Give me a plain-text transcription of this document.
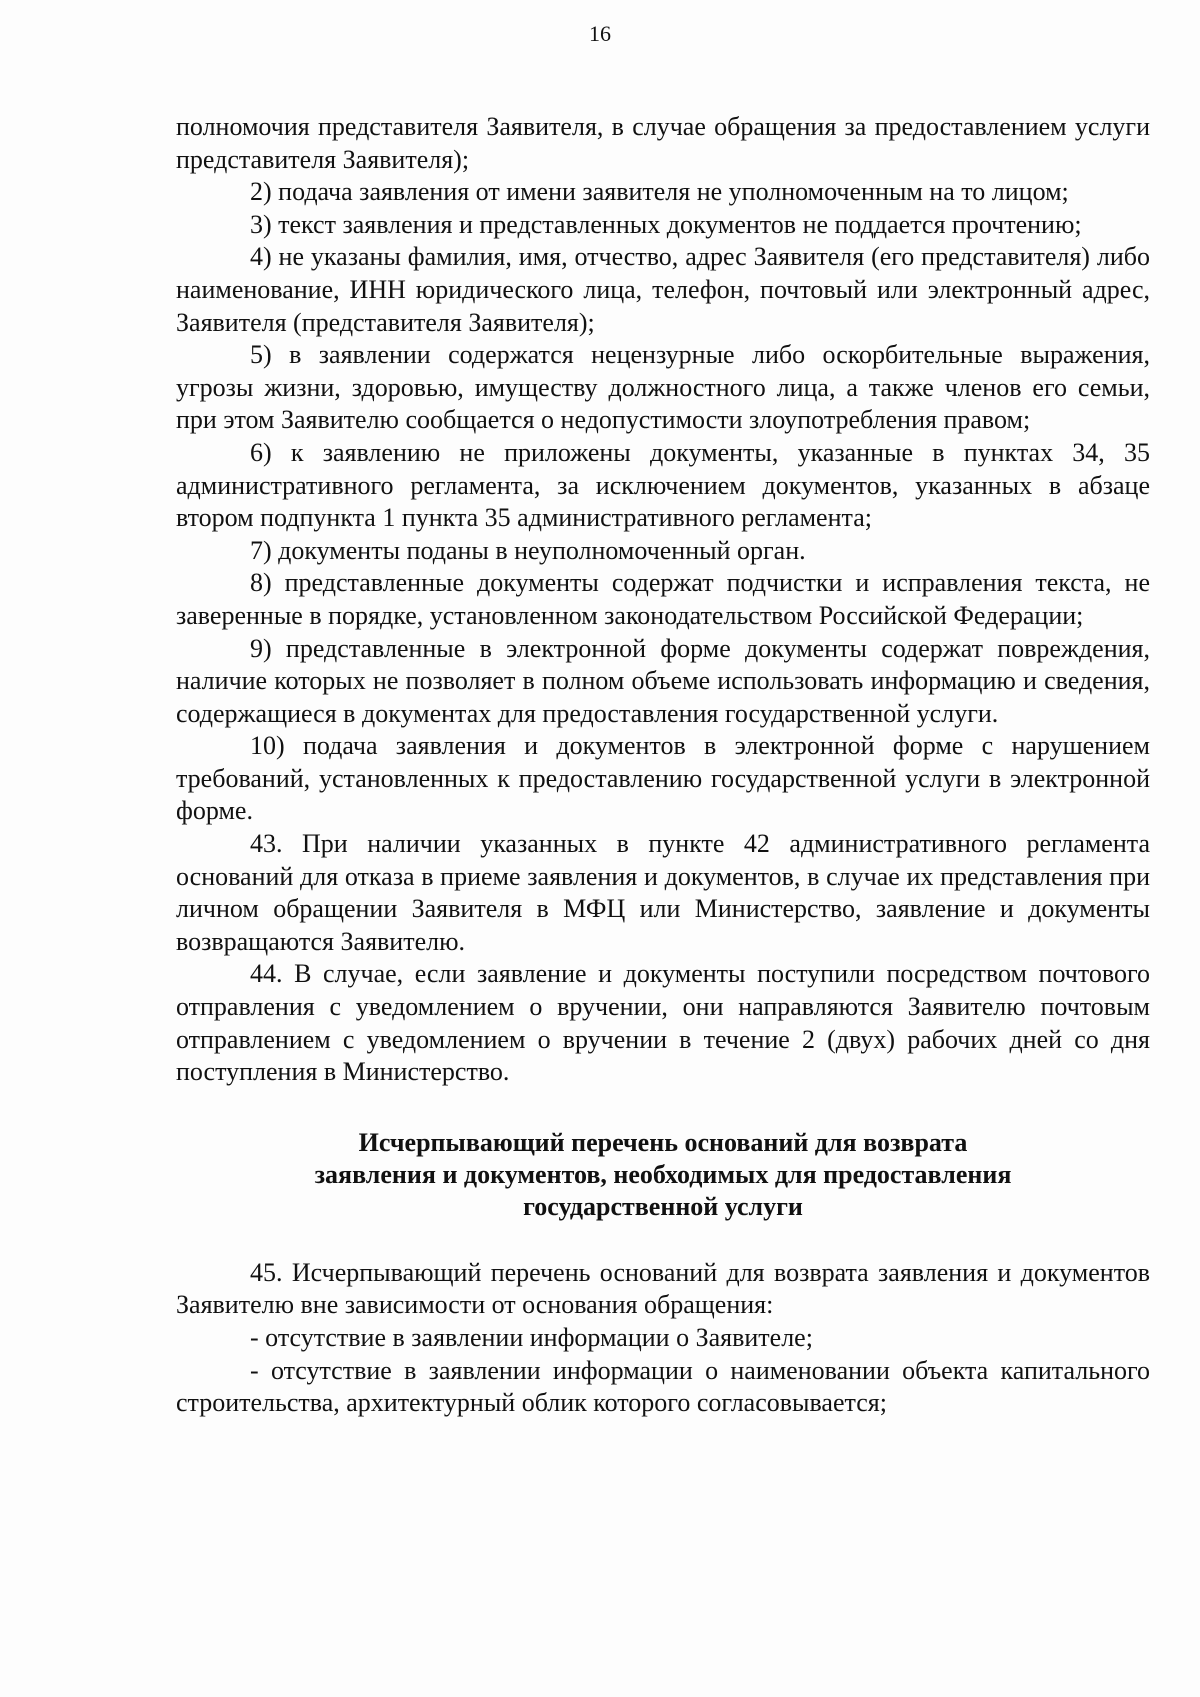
16

полномочия представителя Заявителя, в случае обращения за предоставлением услуги представителя Заявителя);

2) подача заявления от имени заявителя не уполномоченным на то лицом;

3) текст заявления и представленных документов не поддается прочтению;

4) не указаны фамилия, имя, отчество, адрес Заявителя (его представителя) либо наименование, ИНН юридического лица, телефон, почтовый или электронный адрес, Заявителя (представителя Заявителя);

5) в заявлении содержатся нецензурные либо оскорбительные выражения, угрозы жизни, здоровью, имуществу должностного лица, а также членов его семьи, при этом Заявителю сообщается о недопустимости злоупотребления правом;

6) к заявлению не приложены документы, указанные в пунктах 34, 35 административного регламента, за исключением документов, указанных в абзаце втором подпункта 1 пункта 35 административного регламента;

7) документы поданы в неуполномоченный орган.

8) представленные документы содержат подчистки и исправления текста, не заверенные в порядке, установленном законодательством Российской Федерации;

9) представленные в электронной форме документы содержат повреждения, наличие которых не позволяет в полном объеме использовать информацию и сведения, содержащиеся в документах для предоставления государственной услуги.

10) подача заявления и документов в электронной форме с нарушением требований, установленных к предоставлению государственной услуги в электронной форме.

43. При наличии указанных в пункте 42 административного регламента оснований для отказа в приеме заявления и документов, в случае их представления при личном обращении Заявителя в МФЦ или Министерство, заявление и документы возвращаются Заявителю.

44. В случае, если заявление и документы поступили посредством почтового отправления с уведомлением о вручении, они направляются Заявителю почтовым отправлением с уведомлением о вручении в течение 2 (двух) рабочих дней со дня поступления в Министерство.

Исчерпывающий перечень оснований для возврата
заявления и документов, необходимых для предоставления
государственной услуги

45. Исчерпывающий перечень оснований для возврата заявления и документов Заявителю вне зависимости от основания обращения:

- отсутствие в заявлении информации о Заявителе;

- отсутствие в заявлении информации о наименовании объекта капитального строительства, архитектурный облик которого согласовывается;
